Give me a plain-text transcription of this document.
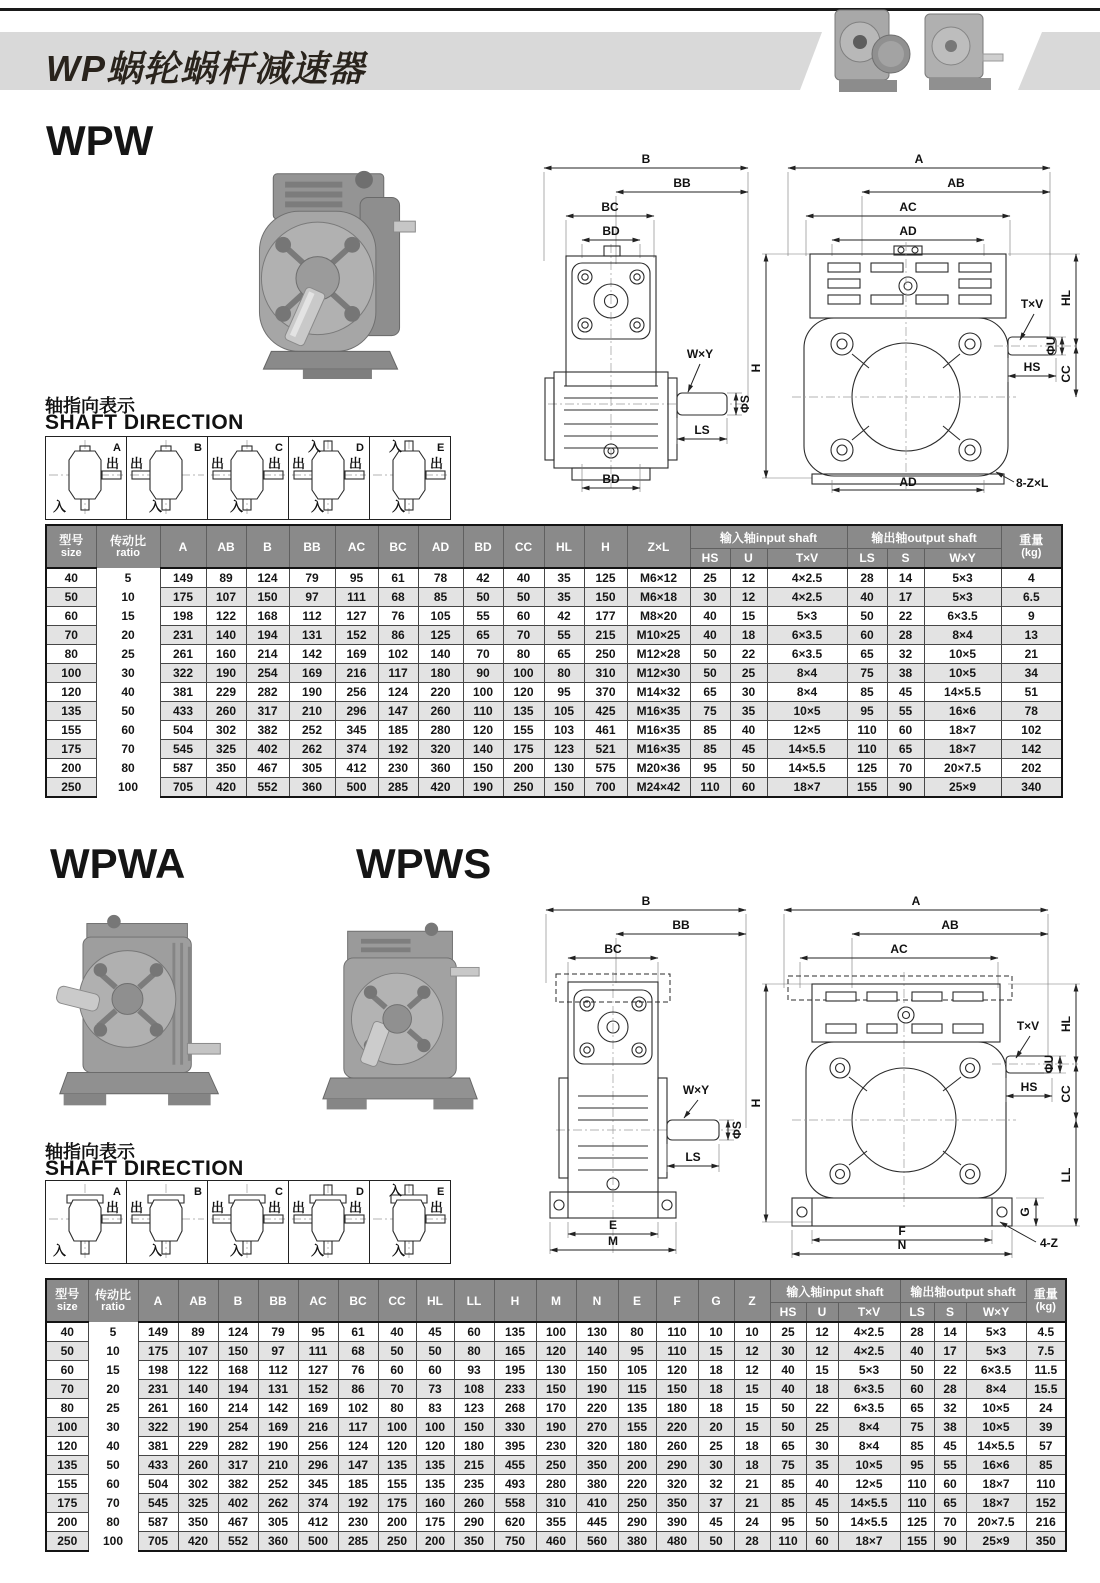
WP蜗轮蜗杆减速器
WPW	B
BB
BC
BD
W×Y
ΦS
LS
BD
H
A
AB
AC
AD
T×V
ΦU
HL
HS CC
AD	8-Z×L
轴指向表示
SHAFT DIRECTION
出
入
A
出
入
B
出	出
入
C 入
出	出
入
D 入
出
入
E
型号
size

传动比
ratio	A	AB	B	BB	AC	BC	AD	BD	CC	HL	H	Z×L	输入轴input shaft	输出轴output shaft	重量
(kg)

														HS	U	T×V	LS	S	W×Y	
40	5	149	89	124	79	95	61	78	42	40	35	125	M6×12	25	12	4×2.5	28	14	5×3	4
50	10	175	107	150	97	111	68	85	50	50	35	150	M6×18	30	12	4×2.5	40	17	5×3	6.5
60	15	198	122	168	112	127	76	105	55	60	42	177	M8×20	40	15	5×3	50	22	6×3.5	9
70	20	231	140	194	131	152	86	125	65	70	55	215	M10×25	40	18	6×3.5	60	28	8×4	13
80	25	261	160	214	142	169	102	140	70	80	65	250	M12×28	50	22	6×3.5	65	32	10×5	21
100	30	322	190	254	169	216	117	180	90	100	80	310	M12×30	50	25	8×4	75	38	10×5	34
120	40	381	229	282	190	256	124	220	100	120	95	370	M14×32	65	30	8×4	85	45	14×5.5	51
135	50	433	260	317	210	296	147	260	110	135	105	425	M16×35	75	35	10×5	95	55	16×6	78
155	60	504	302	382	252	345	185	280	120	155	103	461	M16×35	85	40	12×5	110	60	18×7	102
175	70	545	325	402	262	374	192	320	140	175	123	521	M16×35	85	45	14×5.5	110	65	18×7	142
200	80	587	350	467	305	412	230	360	150	200	130	575	M20×36	95	50	14×5.5	125	70	20×7.5	202
250	100	705	420	552	360	500	285	420	190	250	150	700	M24×42	110	60	18×7	155	90	25×9	340
WPWA	WPWS
B
BB
BC
W×Y
ΦS
LS
E
M
H
A
AB
AC
T×V
ΦU
HL
HS CC
LL
G
F
N	4-Z
轴指向表示
SHAFT DIRECTION
出
入
A
出
入
B
出	出
入
C
出	出
入
D 入
出
入
E
型号
size

传动比
ratio	A	AB	B	BB	AC	BC	CC	HL	LL	H	M	N	E	F	G	Z	输入轴input shaft	输出轴output shaft	重量
(kg)

																		HS	U	T×V	LS	S	W×Y	
40	5	149	89	124	79	95	61	40	45	60	135	100	130	80	110	10	10	25	12	4×2.5	28	14	5×3	4.5
50	10	175	107	150	97	111	68	50	50	80	165	120	140	95	110	15	12	30	12	4×2.5	40	17	5×3	7.5
60	15	198	122	168	112	127	76	60	60	93	195	130	150	105	120	18	12	40	15	5×3	50	22	6×3.5	11.5
70	20	231	140	194	131	152	86	70	73	108	233	150	190	115	150	18	15	40	18	6×3.5	60	28	8×4	15.5
80	25	261	160	214	142	169	102	80	83	123	268	170	220	135	180	18	15	50	22	6×3.5	65	32	10×5	24
100	30	322	190	254	169	216	117	100	100	150	330	190	270	155	220	20	15	50	25	8×4	75	38	10×5	39
120	40	381	229	282	190	256	124	120	120	180	395	230	320	180	260	25	18	65	30	8×4	85	45	14×5.5	57
135	50	433	260	317	210	296	147	135	135	215	455	250	350	200	290	30	18	75	35	10×5	95	55	16×6	85
155	60	504	302	382	252	345	185	155	135	235	493	280	380	220	320	32	21	85	40	12×5	110	60	18×7	110
175	70	545	325	402	262	374	192	175	160	260	558	310	410	250	350	37	21	85	45	14×5.5	110	65	18×7	152
200	80	587	350	467	305	412	230	200	175	290	620	355	445	290	390	45	24	95	50	14×5.5	125	70	20×7.5	216
250	100	705	420	552	360	500	285	250	200	350	750	460	560	380	480	50	28	110	60	18×7	155	90	25×9	350
